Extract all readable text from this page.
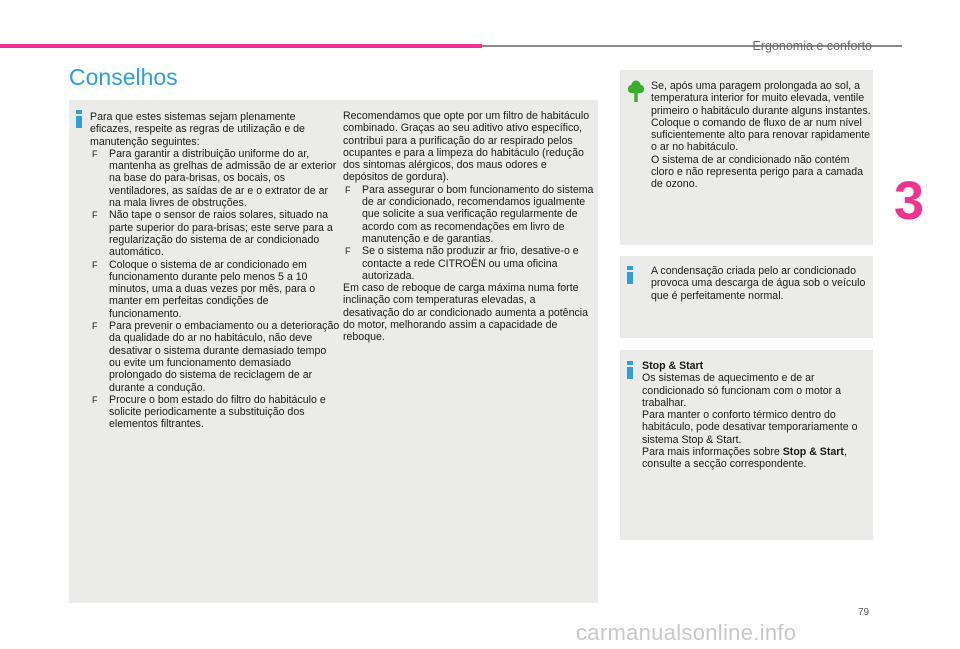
Ergonomia e conforto
3
Conselhos

Para que estes sistemas sejam plenamente eficazes, respeite as regras de utilização e de manutenção seguintes:

F Para garantir a distribuição uniforme do ar, mantenha as grelhas de admissão de ar exterior na base do para-brisas, os bocais, os ventiladores, as saídas de ar e o extrator de ar na mala livres de obstruções.

F Não tape o sensor de raios solares, situado na parte superior do para-brisas; este serve para a regularização do sistema de ar condicionado automático.

F Coloque o sistema de ar condicionado em funcionamento durante pelo menos 5 a 10 minutos, uma a duas vezes por mês, para o manter em perfeitas condições de funcionamento.

F Para prevenir o embaciamento ou a deterioração da qualidade do ar no habitáculo, não deve desativar o sistema durante demasiado tempo ou evite um funcionamento demasiado prolongado do sistema de reciclagem de ar durante a condução.

F Procure o bom estado do filtro do habitáculo e solicite periodicamente a substituição dos elementos filtrantes.

Recomendamos que opte por um filtro de habitáculo combinado. Graças ao seu aditivo ativo específico, contribui para a purificação do ar respirado pelos ocupantes e para a limpeza do habitáculo (redução dos sintomas alérgicos, dos maus odores e depósitos de gordura).

F Para assegurar o bom funcionamento do sistema de ar condicionado, recomendamos igualmente que solicite a sua verificação regularmente de acordo com as recomendações em livro de manutenção e de garantias.

F Se o sistema não produzir ar frio, desative-o e contacte a rede CITROËN ou uma oficina autorizada.

Em caso de reboque de carga máxima numa forte inclinação com temperaturas elevadas, a desativação do ar condicionado aumenta a potência do motor, melhorando assim a capacidade de reboque.

Se, após uma paragem prolongada ao sol, a temperatura interior for muito elevada, ventile primeiro o habitáculo durante alguns instantes.

Coloque o comando de fluxo de ar num nível suficientemente alto para renovar rapidamente o ar no habitáculo.

O sistema de ar condicionado não contém cloro e não representa perigo para a camada de ozono.

A condensação criada pelo ar condicionado provoca uma descarga de água sob o veículo que é perfeitamente normal.

Stop & Start

Os sistemas de aquecimento e de ar condicionado só funcionam com o motor a trabalhar.

Para manter o conforto térmico dentro do habitáculo, pode desativar temporariamente o sistema Stop & Start.

Para mais informações sobre Stop & Start, consulte a secção correspondente.

79
carmanualsonline.info
